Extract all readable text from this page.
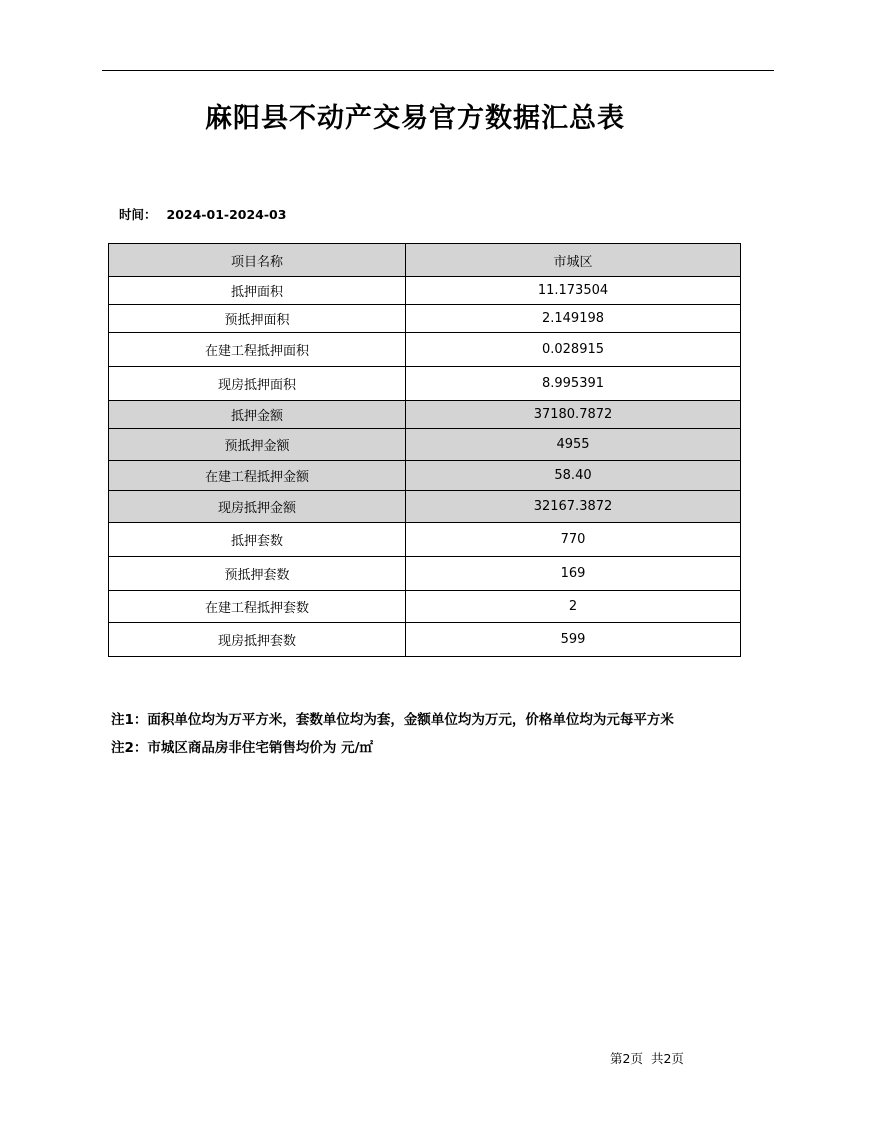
麻阳县不动产交易官方数据汇总表
时间： 2024-01-2024-03
项目名称	市城区
抵押面积	11.173504
预抵押面积	2.149198
在建工程抵押面积	0.028915
现房抵押面积	8.995391
抵押金额	37180.7872
预抵押金额	4955
在建工程抵押金额	58.40
现房抵押金额	32167.3872
抵押套数	770
预抵押套数	169
在建工程抵押套数	2
现房抵押套数	599
注1：面积单位均为万平方米，套数单位均为套，金额单位均为万元，价格单位均为元每平方米
注2：市城区商品房非住宅销售均价为 元/㎡
第2页 共2页
